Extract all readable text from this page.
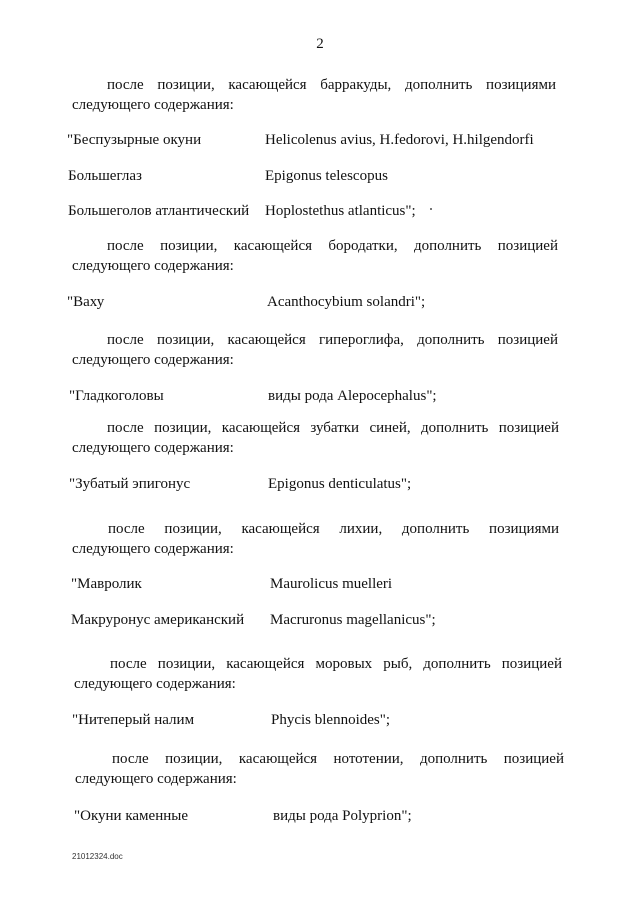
2
после позиции, касающейся барракуды, дополнить позициями
следующего содержания:
"Беспузырные окуни	Helicolenus avius, H.fedorovi, H.hilgendorfi
Большеглаз	Epigonus telescopus
Большеголов атлантический Hoplostethus atlanticus";
после позиции, касающейся бородатки, дополнить позицией
следующего содержания:
"Ваху	Acanthocybium solandri";
после позиции, касающейся гипероглифа, дополнить позицией
следующего содержания:
"Гладкоголовы	виды рода Alepocephalus";
после позиции, касающейся зубатки синей, дополнить позицией
следующего содержания:
"Зубатый эпигонус	Epigonus denticulatus";
после позиции, касающейся лихии, дополнить позициями
следующего содержания:
"Мавролик	Maurolicus muelleri
Макруронус американский Macruronus magellanicus";
после позиции, касающейся моровых рыб, дополнить позицией
следующего содержания:
"Нитеперый налим	Phycis blennoides";
после позиции, касающейся нототении, дополнить позицией
следующего содержания:
"Окуни каменные	виды рода Polyprion";
21012324.doc
